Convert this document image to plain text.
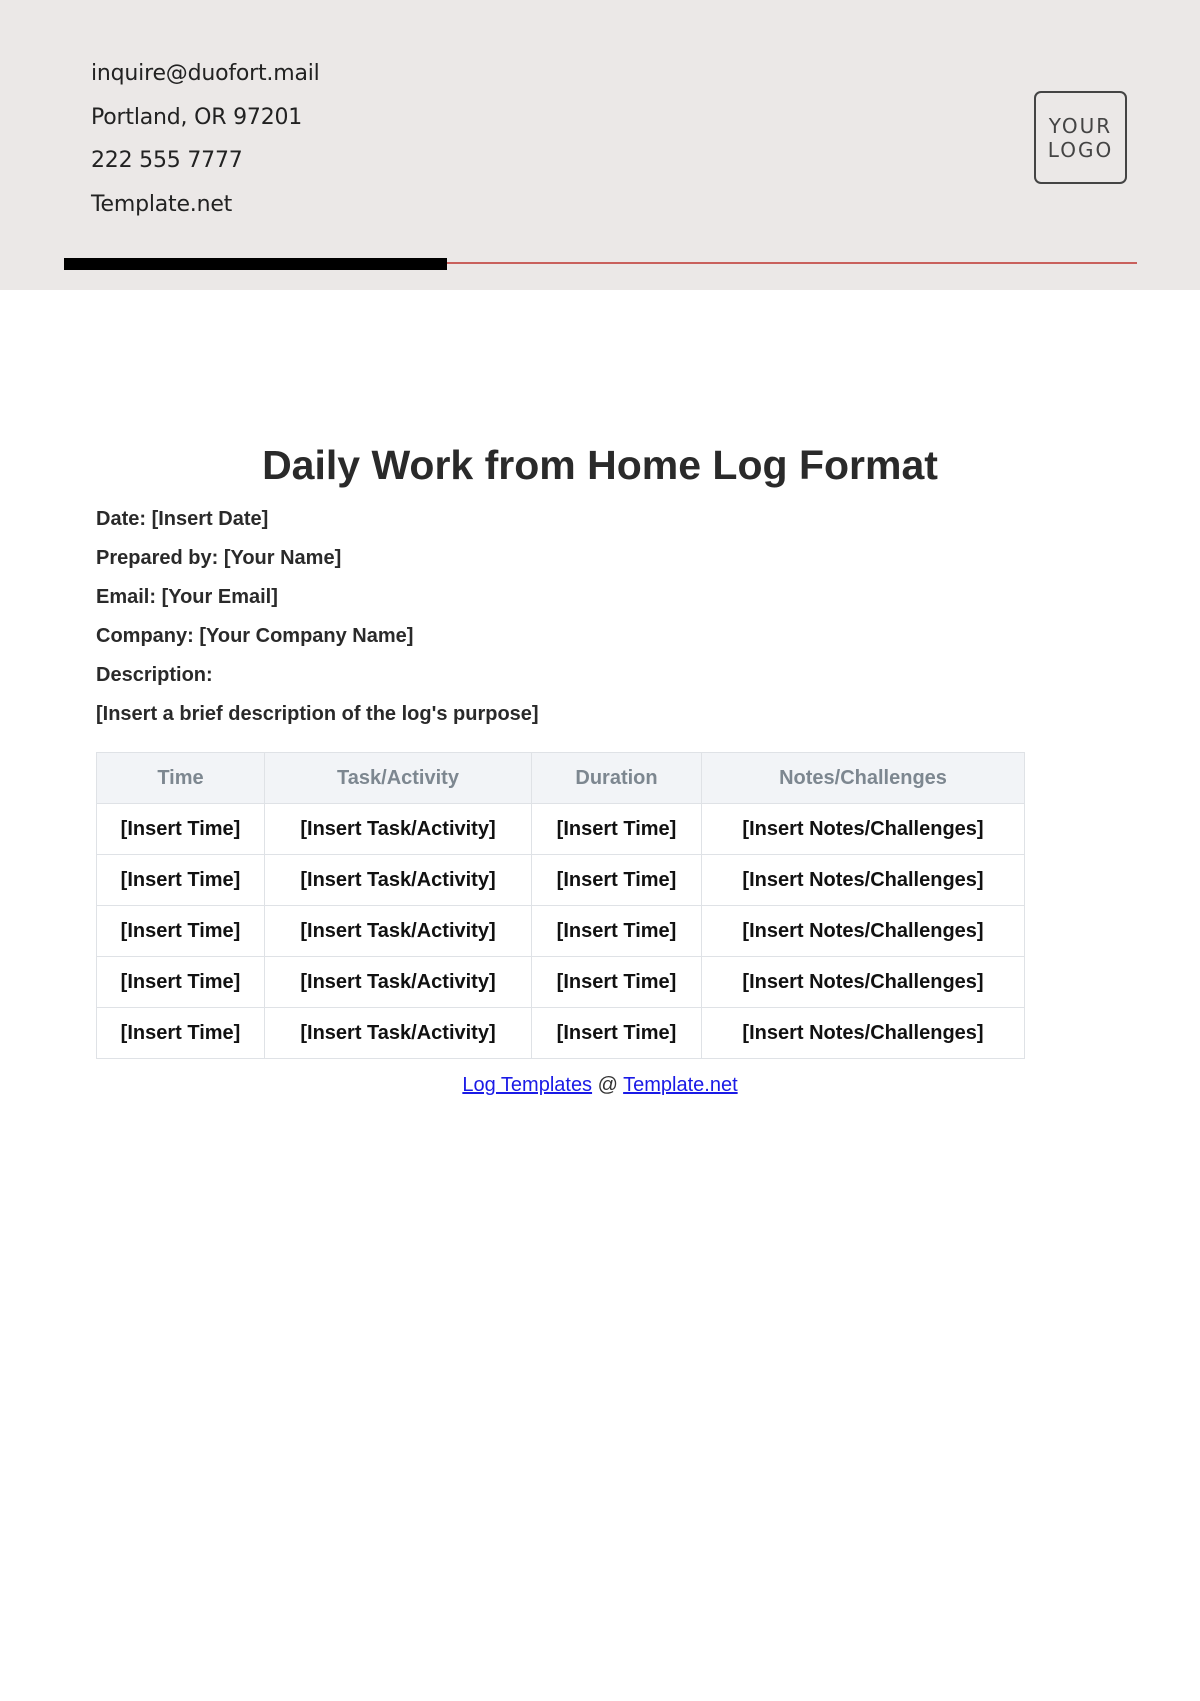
inquire@duofort.mail
Portland, OR 97201
222 555 7777
Template.net
YOUR
LOGO
Daily Work from Home Log Format
Date: [Insert Date]
Prepared by: [Your Name]
Email: [Your Email]
Company: [Your Company Name]
Description:
[Insert a brief description of the log's purpose]
Time	Task/Activity	Duration	Notes/Challenges
[Insert Time]	[Insert Task/Activity]	[Insert Time]	[Insert Notes/Challenges]
[Insert Time]	[Insert Task/Activity]	[Insert Time]	[Insert Notes/Challenges]
[Insert Time]	[Insert Task/Activity]	[Insert Time]	[Insert Notes/Challenges]
[Insert Time]	[Insert Task/Activity]	[Insert Time]	[Insert Notes/Challenges]
[Insert Time]	[Insert Task/Activity]	[Insert Time]	[Insert Notes/Challenges]
Log Templates @ Template.net
